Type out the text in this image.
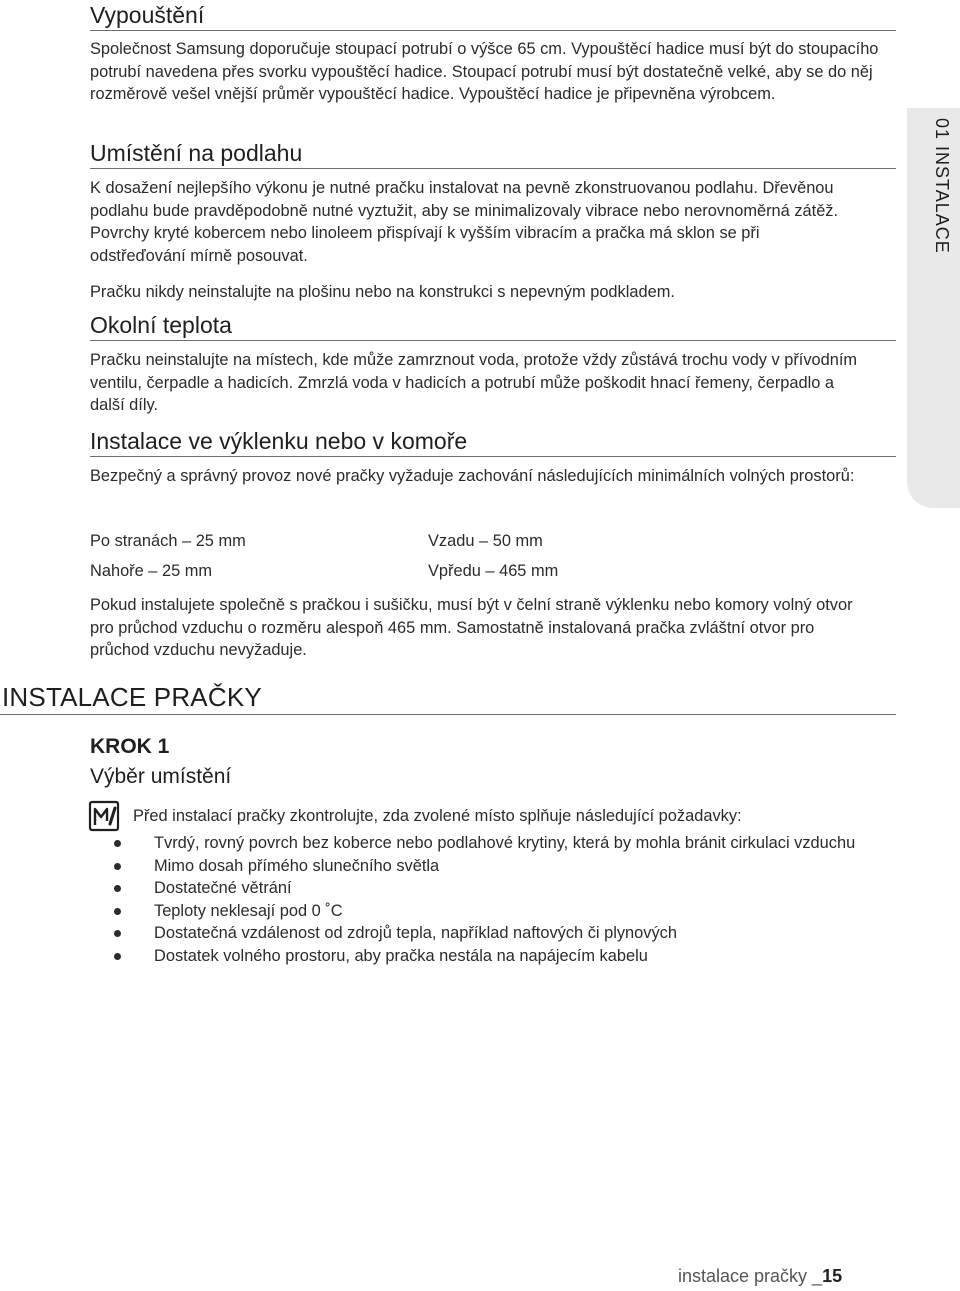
01 INSTALACE
Vypouštění
Společnost Samsung doporučuje stoupací potrubí o výšce 65 cm. Vypouštěcí hadice musí být do stoupacího potrubí navedena přes svorku vypouštěcí hadice. Stoupací potrubí musí být dostatečně velké, aby se do něj rozměrově vešel vnější průměr vypouštěcí hadice. Vypouštěcí hadice je připevněna výrobcem.
Umístění na podlahu
K dosažení nejlepšího výkonu je nutné pračku instalovat na pevně zkonstruovanou podlahu. Dřevěnou podlahu bude pravděpodobně nutné vyztužit, aby se minimalizovaly vibrace nebo nerovnoměrná zátěž. Povrchy kryté kobercem nebo linoleem přispívají k vyšším vibracím a pračka má sklon se při odstřeďování mírně posouvat.
Pračku nikdy neinstalujte na plošinu nebo na konstrukci s nepevným podkladem.
Okolní teplota
Pračku neinstalujte na místech, kde může zamrznout voda, protože vždy zůstává trochu vody v přívodním ventilu, čerpadle a hadicích. Zmrzlá voda v hadicích a potrubí může poškodit hnací řemeny, čerpadlo a další díly.
Instalace ve výklenku nebo v komoře
Bezpečný a správný provoz nové pračky vyžaduje zachování následujících minimálních volných prostorů:
Po stranách – 25 mm	Vzadu – 50 mm
Nahoře – 25 mm	Vpředu – 465 mm
Pokud instalujete společně s pračkou i sušičku, musí být v čelní straně výklenku nebo komory volný otvor pro průchod vzduchu o rozměru alespoň 465 mm. Samostatně instalovaná pračka zvláštní otvor pro průchod vzduchu nevyžaduje.
INSTALACE PRAČKY
KROK 1
Výběr umístění
Před instalací pračky zkontrolujte, zda zvolené místo splňuje následující požadavky:
Tvrdý, rovný povrch bez koberce nebo podlahové krytiny, která by mohla bránit cirkulaci vzduchu
Mimo dosah přímého slunečního světla
Dostatečné větrání
Teploty neklesají pod 0 ˚C
Dostatečná vzdálenost od zdrojů tepla, například naftových či plynových
Dostatek volného prostoru, aby pračka nestála na napájecím kabelu
instalace pračky _15
